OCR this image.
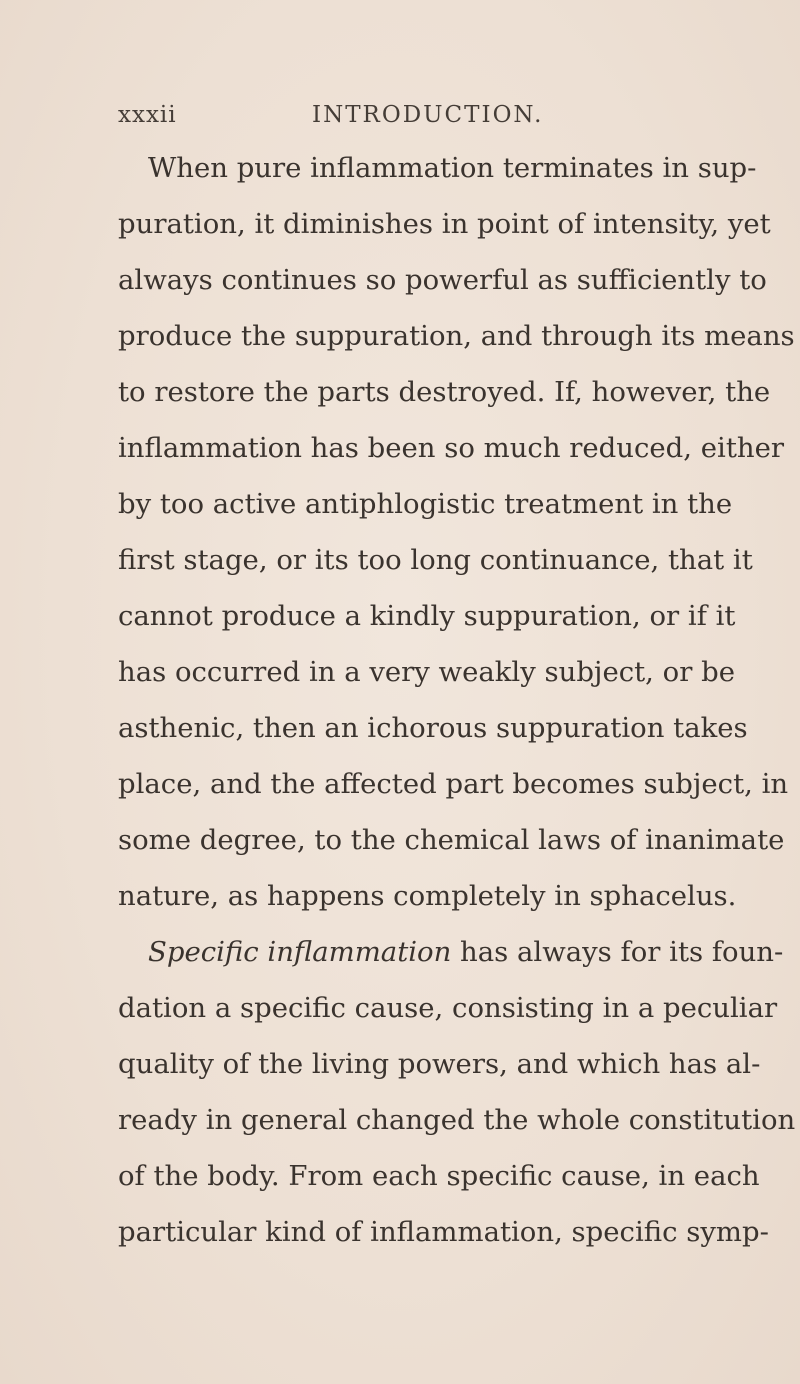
xxxii	INTRODUCTION.
When pure inflammation terminates in sup-
puration, it diminishes in point of intensity, yet
always continues so powerful as sufficiently to
produce the suppuration, and through its means
to restore the parts destroyed. If, however, the
inflammation has been so much reduced, either
by too active antiphlogistic treatment in the
first stage, or its too long continuance, that it
cannot produce a kindly suppuration, or if it
has occurred in a very weakly subject, or be
asthenic, then an ichorous suppuration takes
place, and the affected part becomes subject, in
some degree, to the chemical laws of inanimate
nature, as happens completely in sphacelus.
Specific inflammation has always for its foun-
dation a specific cause, consisting in a peculiar
quality of the living powers, and which has al-
ready in general changed the whole constitution
of the body. From each specific cause, in each
particular kind of inflammation, specific symp-
